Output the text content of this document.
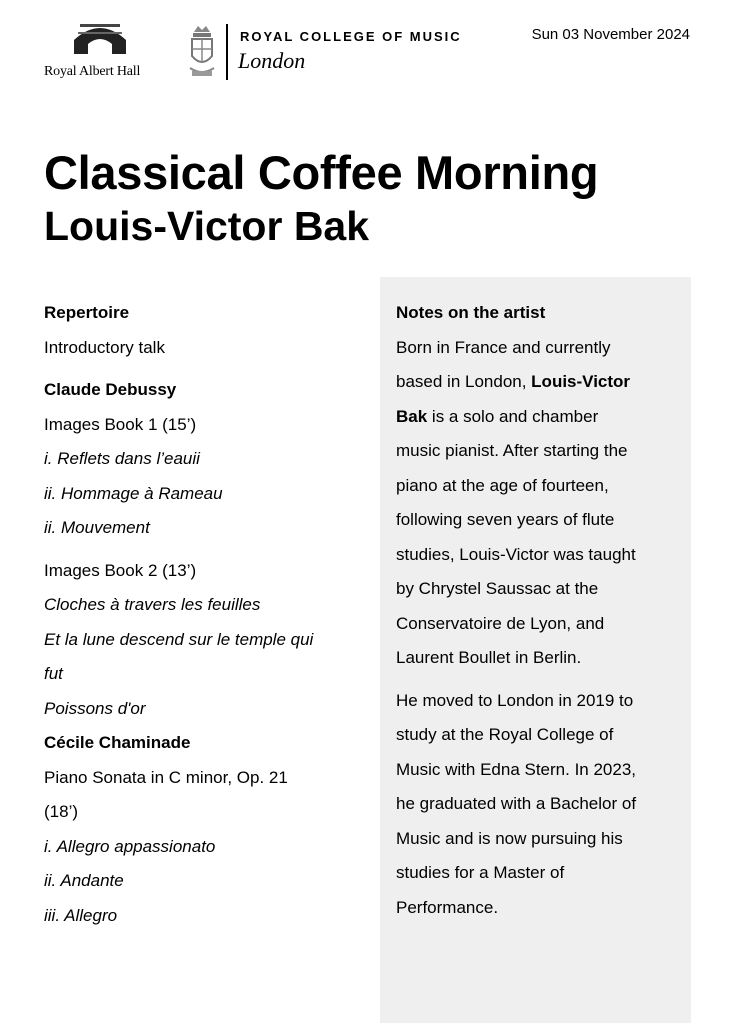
Royal Albert Hall
ROYAL COLLEGE OF MUSIC
London
Sun 03 November 2024
Classical Coffee Morning
Louis-Victor Bak

Repertoire

Introductory talk

Claude Debussy

Images Book 1 (15’)

i. Reflets dans l’eauii

ii. Hommage à Rameau

ii. Mouvement

Images Book 2 (13’)

Cloches à travers les feuilles

Et la lune descend sur le temple qui

fut

Poissons d'or

Cécile Chaminade

Piano Sonata in C minor, Op. 21

(18’)

i. Allegro appassionato

ii. Andante

iii. Allegro

Notes on the artist

Born in France and currently

based in London, Louis-Victor

Bak is a solo and chamber

music pianist. After starting the

piano at the age of fourteen,

following seven years of flute

studies, Louis-Victor was taught

by Chrystel Saussac at the

Conservatoire de Lyon, and

Laurent Boullet in Berlin.

He moved to London in 2019 to

study at the Royal College of

Music with Edna Stern. In 2023,

he graduated with a Bachelor of

Music and is now pursuing his

studies for a Master of

Performance.
